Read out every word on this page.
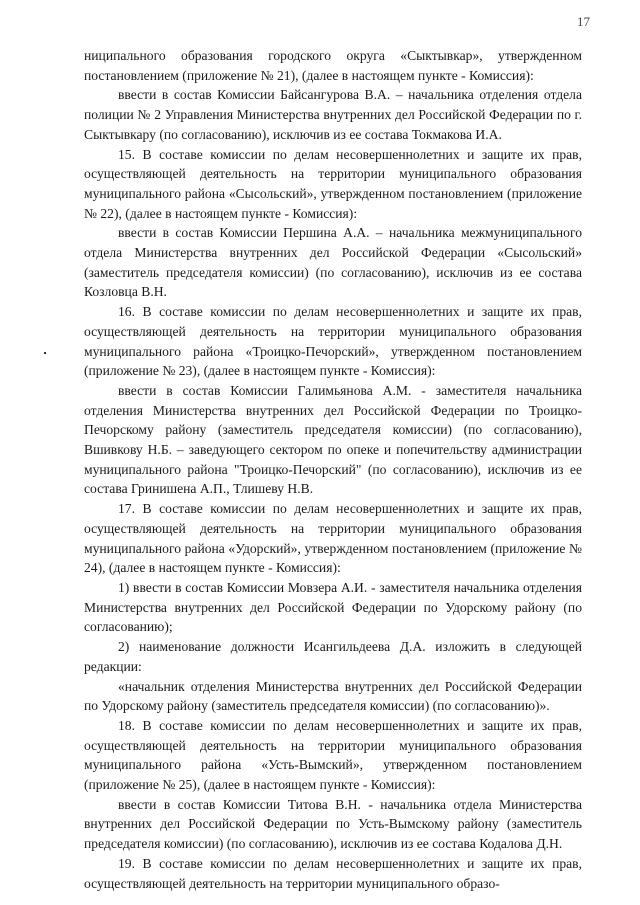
17

ниципального образования городского округа «Сыктывкар», утвержденном постановлением (приложение № 21), (далее в настоящем пункте - Комиссия):

ввести в состав Комиссии Байсангурова В.А. – начальника отделения отдела полиции № 2 Управления Министерства внутренних дел Российской Федерации по г. Сыктывкару (по согласованию), исключив из ее состава Токмакова И.А.

15. В составе комиссии по делам несовершеннолетних и защите их прав, осуществляющей деятельность на территории муниципального образования муниципального района «Сысольский», утвержденном постановлением (приложение № 22), (далее в настоящем пункте - Комиссия):

ввести в состав Комиссии Першина А.А. – начальника межмуниципального отдела Министерства внутренних дел Российской Федерации «Сысольский» (заместитель председателя комиссии) (по согласованию), исключив из ее состава Козловца В.Н.

16. В составе комиссии по делам несовершеннолетних и защите их прав, осуществляющей деятельность на территории муниципального образования муниципального района «Троицко-Печорский», утвержденном постановлением (приложение № 23), (далее в настоящем пункте - Комиссия):

ввести в состав Комиссии Галимьянова А.М. - заместителя начальника отделения Министерства внутренних дел Российской Федерации по Троицко-Печорскому району (заместитель председателя комиссии) (по согласованию), Вшивкову Н.Б. – заведующего сектором по опеке и попечительству администрации муниципального района "Троицко-Печорский" (по согласованию), исключив из ее состава Гринишена А.П., Тлишеву Н.В.

17. В составе комиссии по делам несовершеннолетних и защите их прав, осуществляющей деятельность на территории муниципального образования муниципального района «Удорский», утвержденном постановлением (приложение № 24), (далее в настоящем пункте - Комиссия):

1) ввести в состав Комиссии Мовзера А.И. - заместителя начальника отделения Министерства внутренних дел Российской Федерации по Удорскому району (по согласованию);

2) наименование должности Исангильдеева Д.А. изложить в следующей редакции:

«начальник отделения Министерства внутренних дел Российской Федерации по Удорскому району (заместитель председателя комиссии) (по согласованию)».

18. В составе комиссии по делам несовершеннолетних и защите их прав, осуществляющей деятельность на территории муниципального образования муниципального района «Усть-Вымский», утвержденном постановлением (приложение № 25), (далее в настоящем пункте - Комиссия):

ввести в состав Комиссии Титова В.Н. - начальника отдела Министерства внутренних дел Российской Федерации по Усть-Вымскому району (заместитель председателя комиссии) (по согласованию), исключив из ее состава Кодалова Д.Н.

19. В составе комиссии по делам несовершеннолетних и защите их прав, осуществляющей деятельность на территории муниципального образо-
